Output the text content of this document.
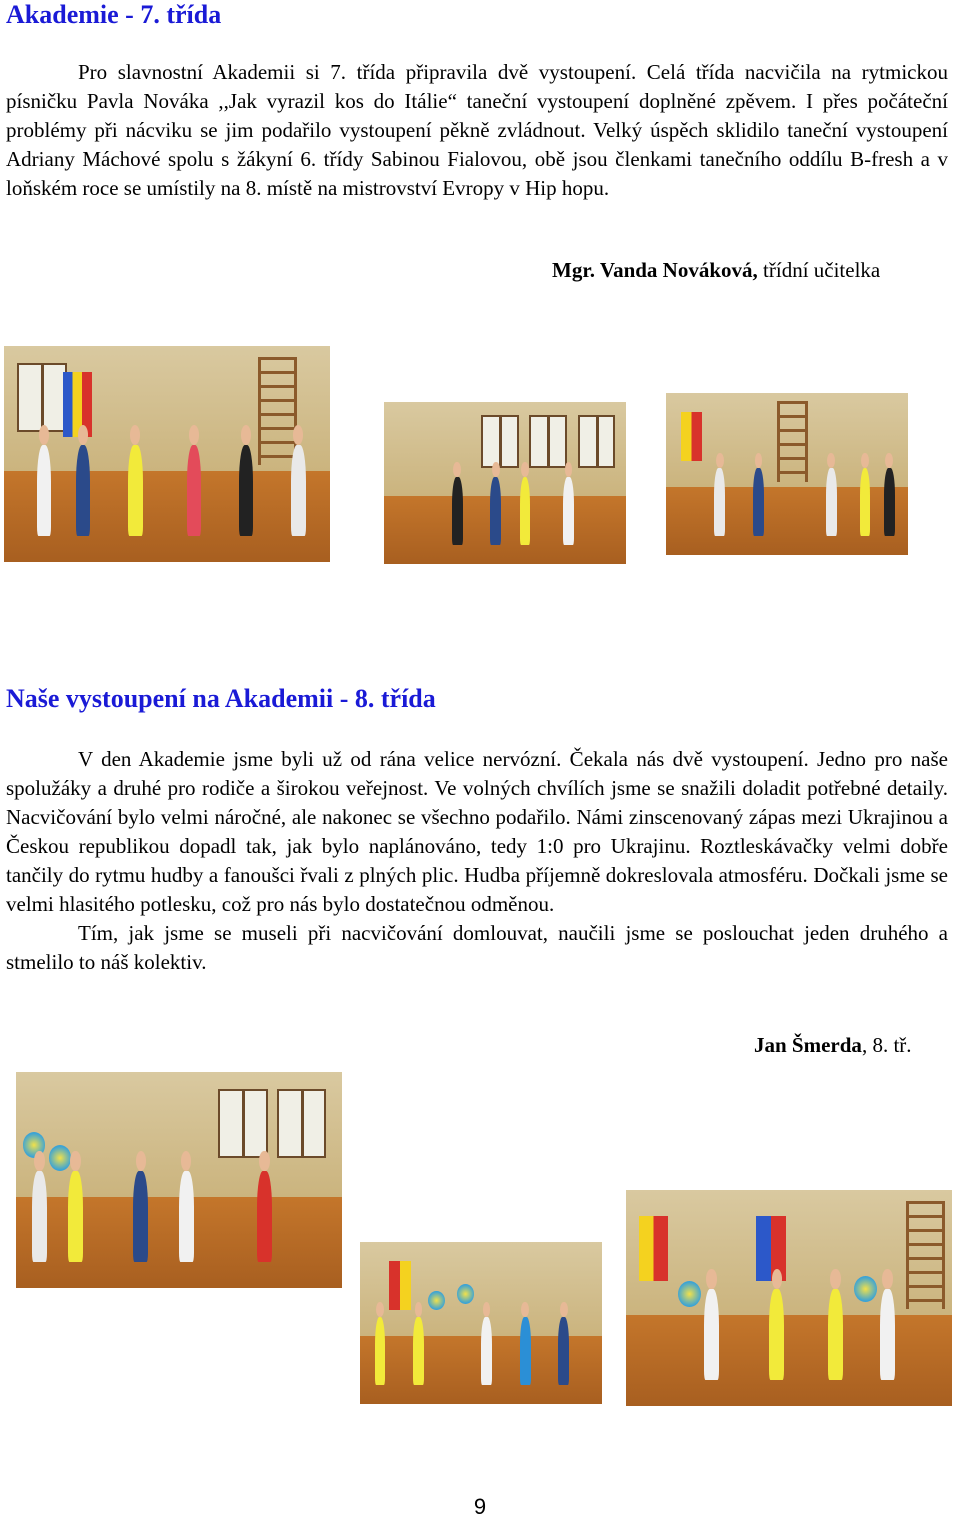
Akademie - 7. třída

Pro slavnostní Akademii si 7. třída připravila dvě vystoupení. Celá třída nacvičila na rytmickou písničku Pavla Nováka ,,Jak vyrazil kos do Itálie“ taneční vystoupení doplněné zpěvem. I přes počáteční problémy při nácviku se jim podařilo vystoupení pěkně zvládnout. Velký úspěch sklidilo taneční vystoupení Adriany Máchové spolu s žákyní 6. třídy Sabinou Fialovou, obě jsou členkami tanečního oddílu B-fresh a v loňském roce se umístily na 8. místě na mistrovství Evropy v Hip hopu.

Mgr. Vanda Nováková, třídní učitelka
Naše vystoupení na Akademii - 8. třída

V den Akademie jsme byli už od rána velice nervózní. Čekala nás dvě vystoupení. Jedno pro naše spolužáky a druhé pro rodiče a širokou veřejnost. Ve volných chvílích jsme se snažili doladit potřebné detaily. Nacvičování bylo velmi náročné, ale nakonec se všechno podařilo. Námi zinscenovaný zápas mezi Ukrajinou a Českou republikou dopadl tak, jak bylo naplánováno, tedy 1:0 pro Ukrajinu. Roztleskávačky velmi dobře tančily do rytmu hudby a fanoušci řvali z plných plic. Hudba příjemně dokreslovala atmosféru. Dočkali jsme se velmi hlasitého potlesku, což pro nás bylo dostatečnou odměnou.

Tím, jak jsme se museli při nacvičování domlouvat, naučili jsme se poslouchat jeden druhého a stmelilo to náš kolektiv.

Jan Šmerda, 8. tř.
9
